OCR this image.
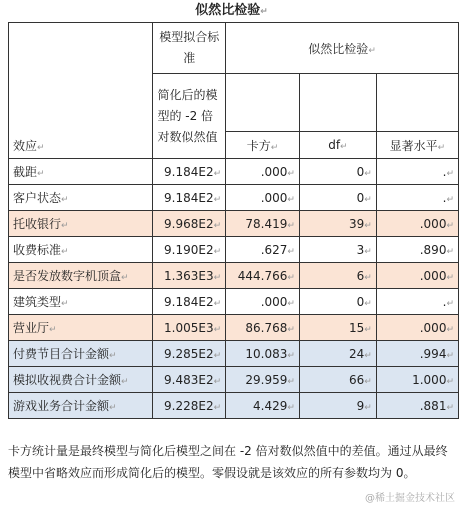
似然比检验↵
效应↵	模型拟合标准	似然比检验↵		
	简化后的模型的 -2 倍对数似然值			
		卡方↵	df↵	显著水平↵
截距↵	9.184E2↵	.000↵	0↵	.↵
客户状态↵	9.184E2↵	.000↵	0↵	.↵
托收银行↵	9.968E2↵	78.419↵	39↵	.000↵
收费标准↵	9.190E2↵	.627↵	3↵	.890↵
是否发放数字机顶盒↵	1.363E3↵	444.766↵	6↵	.000↵
建筑类型↵	9.184E2↵	.000↵	0↵	.↵
营业厅↵	1.005E3↵	86.768↵	15↵	.000↵
付费节目合计金额↵	9.285E2↵	10.083↵	24↵	.994↵
模拟收视费合计金额↵	9.483E2↵	29.959↵	66↵	1.000↵
游戏业务合计金额↵	9.228E2↵	4.429↵	9↵	.881↵
卡方统计量是最终模型与简化后模型之间在 -2 倍对数似然值中的差值。通过从最终模型中省略效应而形成简化后的模型。零假设就是该效应的所有参数均为 0。
@稀土掘金技术社区
